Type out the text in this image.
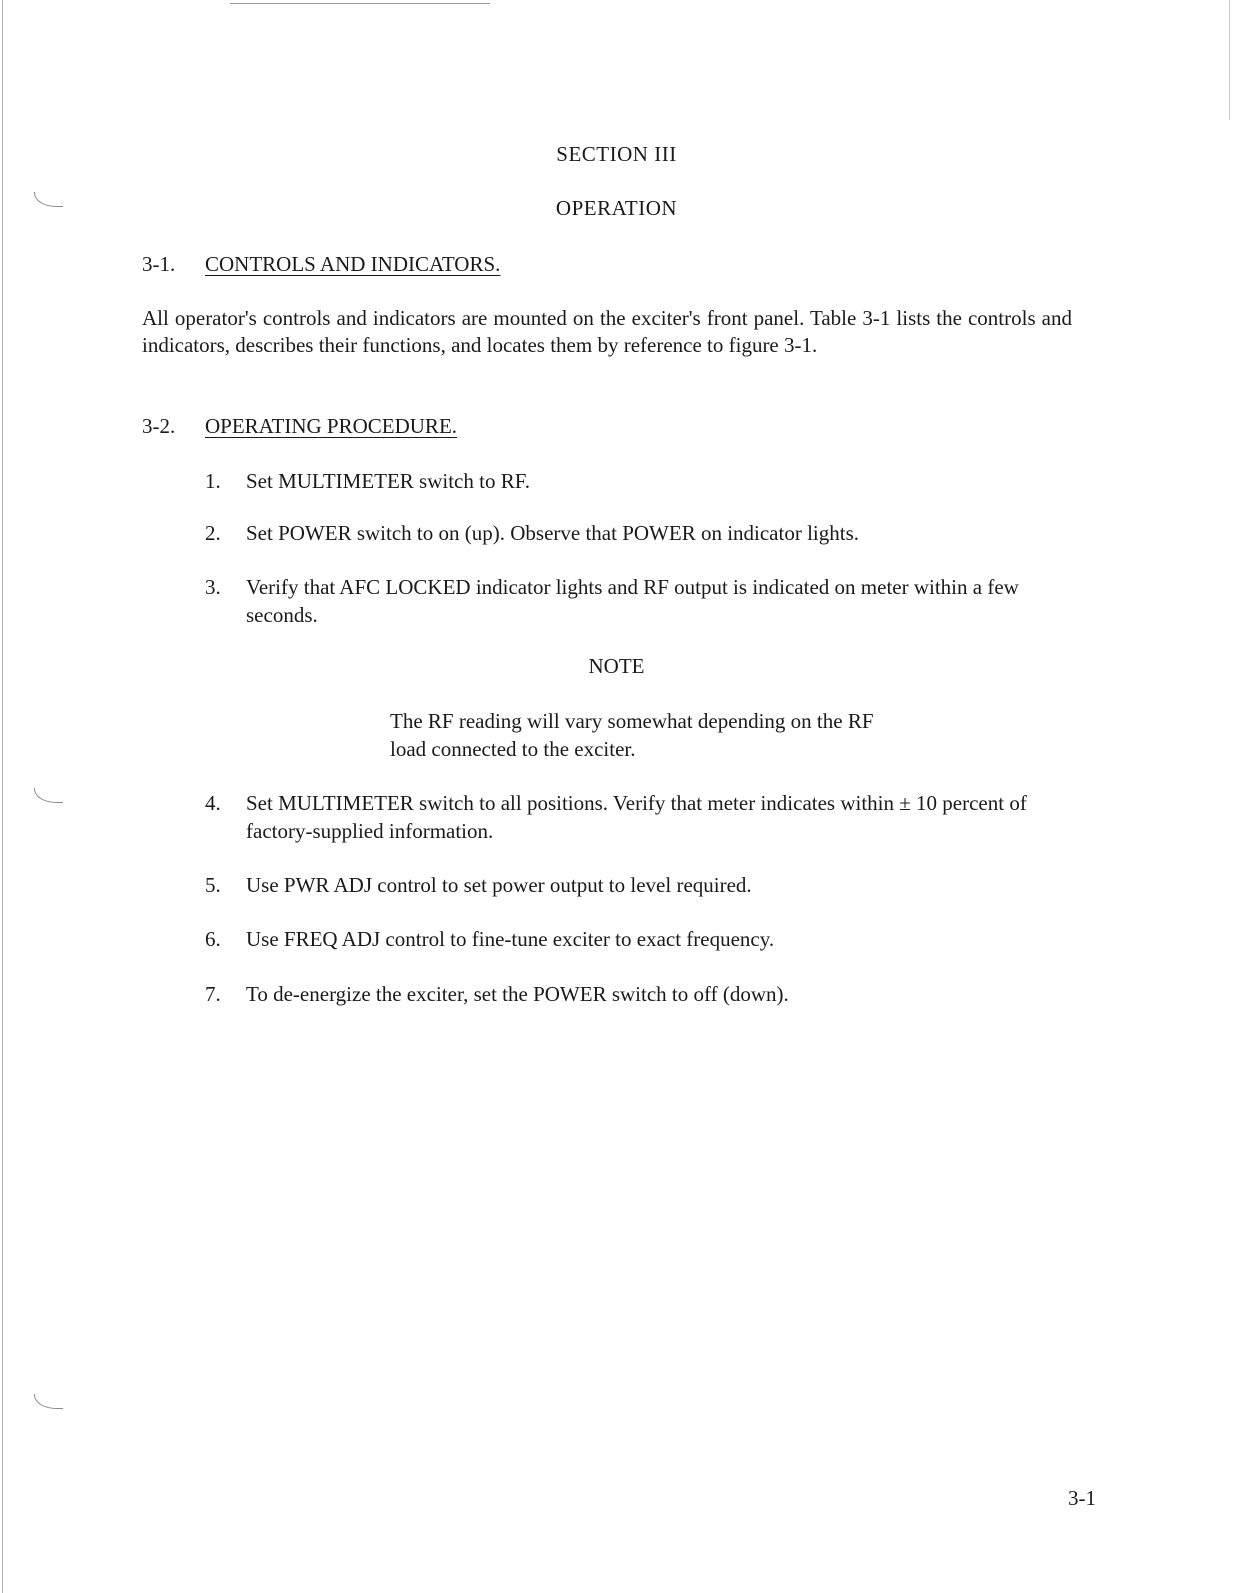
SECTION III
OPERATION
3-1. CONTROLS AND INDICATORS.

All operator's controls and indicators are mounted on the exciter's front panel. Table 3-1 lists the controls and indicators, describes their functions, and locates them by reference to figure 3-1.

3-2. OPERATING PROCEDURE.
1. Set MULTIMETER switch to RF.
2. Set POWER switch to on (up). Observe that POWER on indicator lights.
3. Verify that AFC LOCKED indicator lights and RF output is indicated on meter within a few seconds.
NOTE
The RF reading will vary somewhat depending on the RF load connected to the exciter.
4. Set MULTIMETER switch to all positions. Verify that meter indicates within ± 10 percent of factory-supplied information.
5. Use PWR ADJ control to set power output to level required.
6. Use FREQ ADJ control to fine-tune exciter to exact frequency.
7. To de-energize the exciter, set the POWER switch to off (down).
3-1
